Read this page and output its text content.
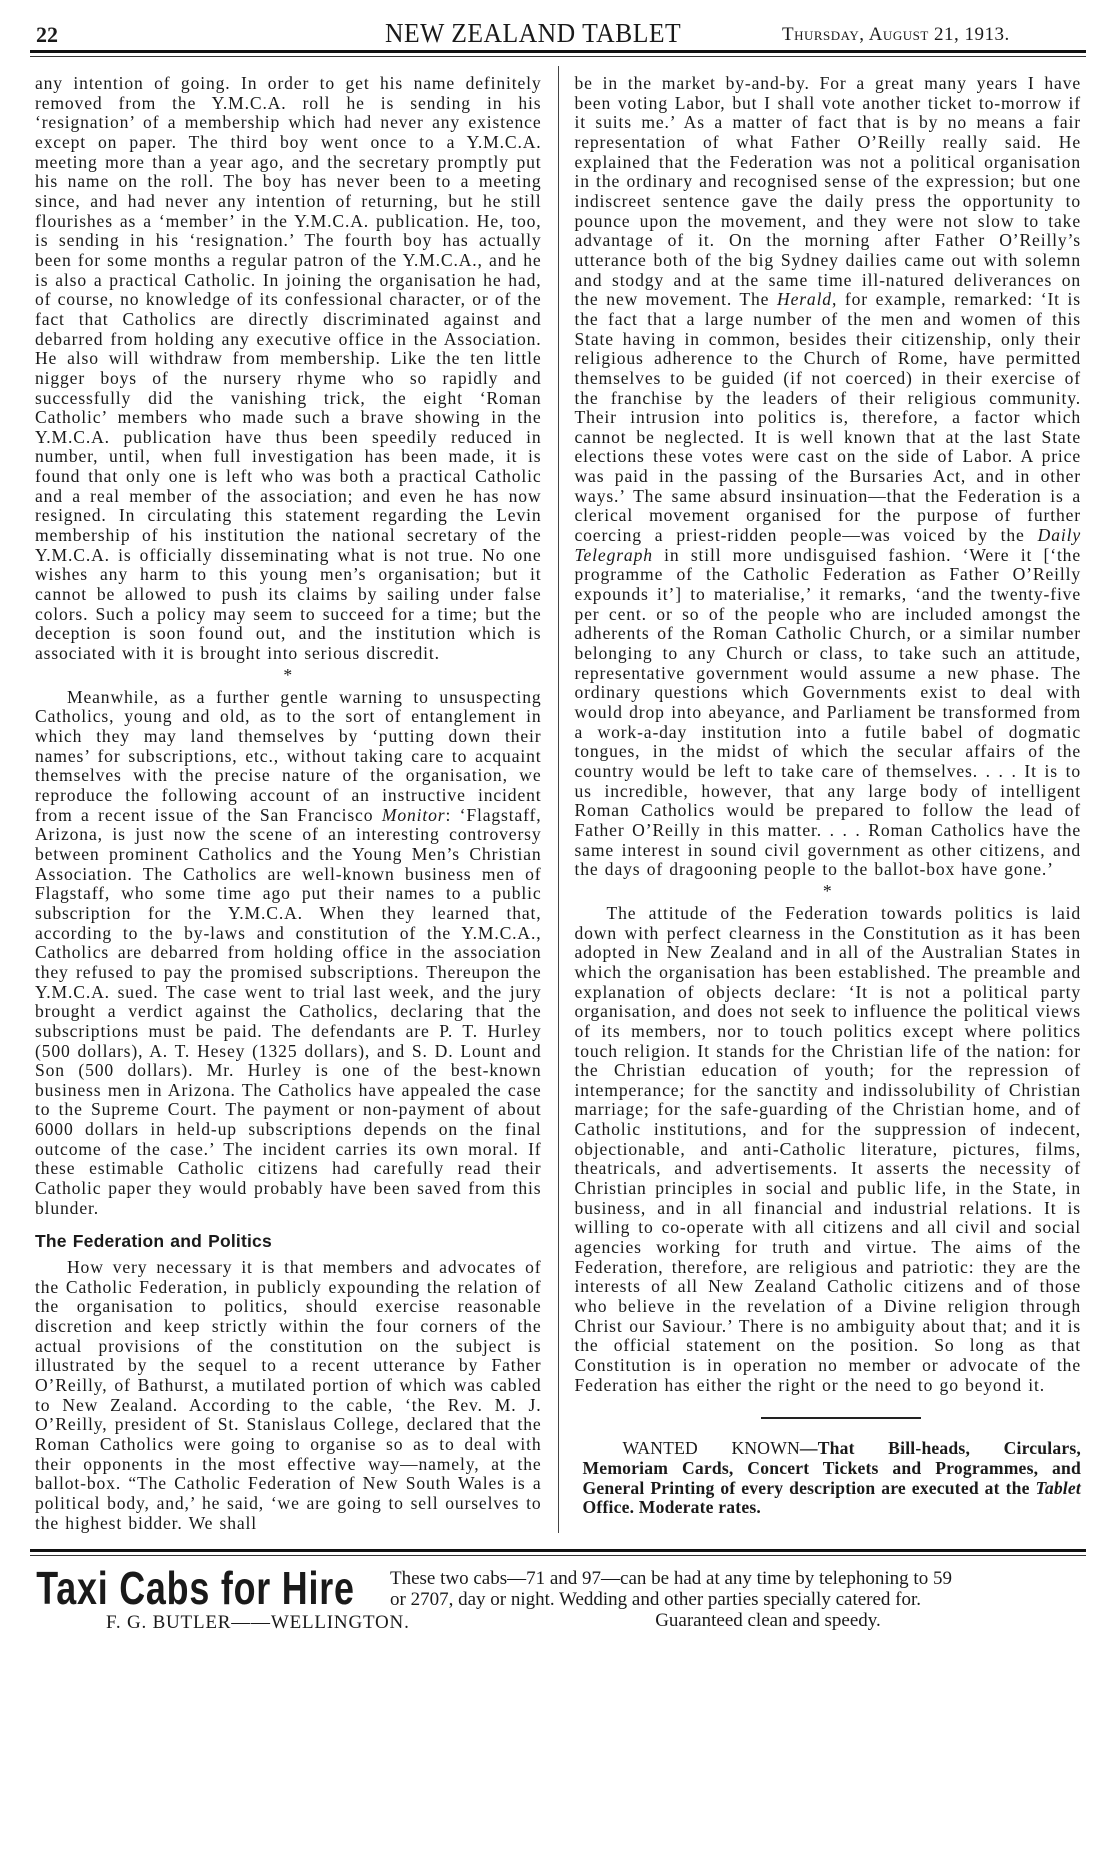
22	NEW ZEALAND TABLET	Thursday, August 21, 1913.

any intention of going. In order to get his name definitely removed from the Y.M.C.A. roll he is sending in his ‘resignation’ of a membership which had never any existence except on paper. The third boy went once to a Y.M.C.A. meeting more than a year ago, and the secretary promptly put his name on the roll. The boy has never been to a meeting since, and had never any intention of returning, but he still flourishes as a ‘member’ in the Y.M.C.A. publication. He, too, is sending in his ‘resignation.’ The fourth boy has actually been for some months a regular patron of the Y.M.C.A., and he is also a practical Catholic. In joining the organisation he had, of course, no knowledge of its confessional character, or of the fact that Catholics are directly discriminated against and debarred from holding any executive office in the Association. He also will withdraw from membership. Like the ten little nigger boys of the nursery rhyme who so rapidly and successfully did the vanishing trick, the eight ‘Roman Catholic’ members who made such a brave showing in the Y.M.C.A. publication have thus been speedily reduced in number, until, when full investigation has been made, it is found that only one is left who was both a practical Catholic and a real member of the association; and even he has now resigned. In circulating this statement regarding the Levin membership of his institution the national secretary of the Y.M.C.A. is officially disseminating what is not true. No one wishes any harm to this young men’s organisation; but it cannot be allowed to push its claims by sailing under false colors. Such a policy may seem to succeed for a time; but the deception is soon found out, and the institution which is associated with it is brought into serious discredit.

*

Meanwhile, as a further gentle warning to unsuspecting Catholics, young and old, as to the sort of entanglement in which they may land themselves by ‘putting down their names’ for subscriptions, etc., without taking care to acquaint themselves with the precise nature of the organisation, we reproduce the following account of an instructive incident from a recent issue of the San Francisco Monitor: ‘Flagstaff, Arizona, is just now the scene of an interesting controversy between prominent Catholics and the Young Men’s Christian Association. The Catholics are well-known business men of Flagstaff, who some time ago put their names to a public subscription for the Y.M.C.A. When they learned that, according to the by-laws and constitution of the Y.M.C.A., Catholics are debarred from holding office in the association they refused to pay the promised subscriptions. Thereupon the Y.M.C.A. sued. The case went to trial last week, and the jury brought a verdict against the Catholics, declaring that the subscriptions must be paid. The defendants are P. T. Hurley (500 dollars), A. T. Hesey (1325 dollars), and S. D. Lount and Son (500 dollars). Mr. Hurley is one of the best-known business men in Arizona. The Catholics have appealed the case to the Supreme Court. The payment or non-payment of about 6000 dollars in held-up subscriptions depends on the final outcome of the case.’ The incident carries its own moral. If these estimable Catholic citizens had carefully read their Catholic paper they would probably have been saved from this blunder.

The Federation and Politics

How very necessary it is that members and advocates of the Catholic Federation, in publicly expounding the relation of the organisation to politics, should exercise reasonable discretion and keep strictly within the four corners of the actual provisions of the constitution on the subject is illustrated by the sequel to a recent utterance by Father O’Reilly, of Bathurst, a mutilated portion of which was cabled to New Zealand. According to the cable, ‘the Rev. M. J. O’Reilly, president of St. Stanislaus College, declared that the Roman Catholics were going to organise so as to deal with their opponents in the most effective way—namely, at the ballot-box. “The Catholic Federation of New South Wales is a political body, and,’ he said, ‘we are going to sell ourselves to the highest bidder. We shall

be in the market by-and-by. For a great many years I have been voting Labor, but I shall vote another ticket to-morrow if it suits me.’ As a matter of fact that is by no means a fair representation of what Father O’Reilly really said. He explained that the Federation was not a political organisation in the ordinary and recognised sense of the expression; but one indiscreet sentence gave the daily press the opportunity to pounce upon the movement, and they were not slow to take advantage of it. On the morning after Father O’Reilly’s utterance both of the big Sydney dailies came out with solemn and stodgy and at the same time ill-natured deliverances on the new movement. The Herald, for example, remarked: ‘It is the fact that a large number of the men and women of this State having in common, besides their citizenship, only their religious adherence to the Church of Rome, have permitted themselves to be guided (if not coerced) in their exercise of the franchise by the leaders of their religious community. Their intrusion into politics is, therefore, a factor which cannot be neglected. It is well known that at the last State elections these votes were cast on the side of Labor. A price was paid in the passing of the Bursaries Act, and in other ways.’ The same absurd insinuation—that the Federation is a clerical movement organised for the purpose of further coercing a priest-ridden people—was voiced by the Daily Telegraph in still more undisguised fashion. ‘Were it [‘the programme of the Catholic Federation as Father O’Reilly expounds it’] to materialise,’ it remarks, ‘and the twenty-five per cent. or so of the people who are included amongst the adherents of the Roman Catholic Church, or a similar number belonging to any Church or class, to take such an attitude, representative government would assume a new phase. The ordinary questions which Governments exist to deal with would drop into abeyance, and Parliament be transformed from a work-a-day institution into a futile babel of dogmatic tongues, in the midst of which the secular affairs of the country would be left to take care of themselves. . . . It is to us incredible, however, that any large body of intelligent Roman Catholics would be prepared to follow the lead of Father O’Reilly in this matter. . . . Roman Catholics have the same interest in sound civil government as other citizens, and the days of dragooning people to the ballot-box have gone.’

*

The attitude of the Federation towards politics is laid down with perfect clearness in the Constitution as it has been adopted in New Zealand and in all of the Australian States in which the organisation has been established. The preamble and explanation of objects declare: ‘It is not a political party organisation, and does not seek to influence the political views of its members, nor to touch politics except where politics touch religion. It stands for the Christian life of the nation: for the Christian education of youth; for the repression of intemperance; for the sanctity and indissolubility of Christian marriage; for the safe-guarding of the Christian home, and of Catholic institutions, and for the suppression of indecent, objectionable, and anti-Catholic literature, pictures, films, theatricals, and advertisements. It asserts the necessity of Christian principles in social and public life, in the State, in business, and in all financial and industrial relations. It is willing to co-operate with all citizens and all civil and social agencies working for truth and virtue. The aims of the Federation, therefore, are religious and patriotic: they are the interests of all New Zealand Catholic citizens and of those who believe in the revelation of a Divine religion through Christ our Saviour.’ There is no ambiguity about that; and it is the official statement on the position. So long as that Constitution is in operation no member or advocate of the Federation has either the right or the need to go beyond it.

WANTED KNOWN—That Bill-heads, Circulars, Memoriam Cards, Concert Tickets and Programmes, and General Printing of every description are executed at the Tablet Office. Moderate rates.
Taxi Cabs for Hire These two cabs—71 and 97—can be had at any time by telephoning to 59
or 2707, day or night. Wedding and other parties specially catered for.

Guaranteed clean and speedy.
F. G. BUTLER——WELLINGTON.
